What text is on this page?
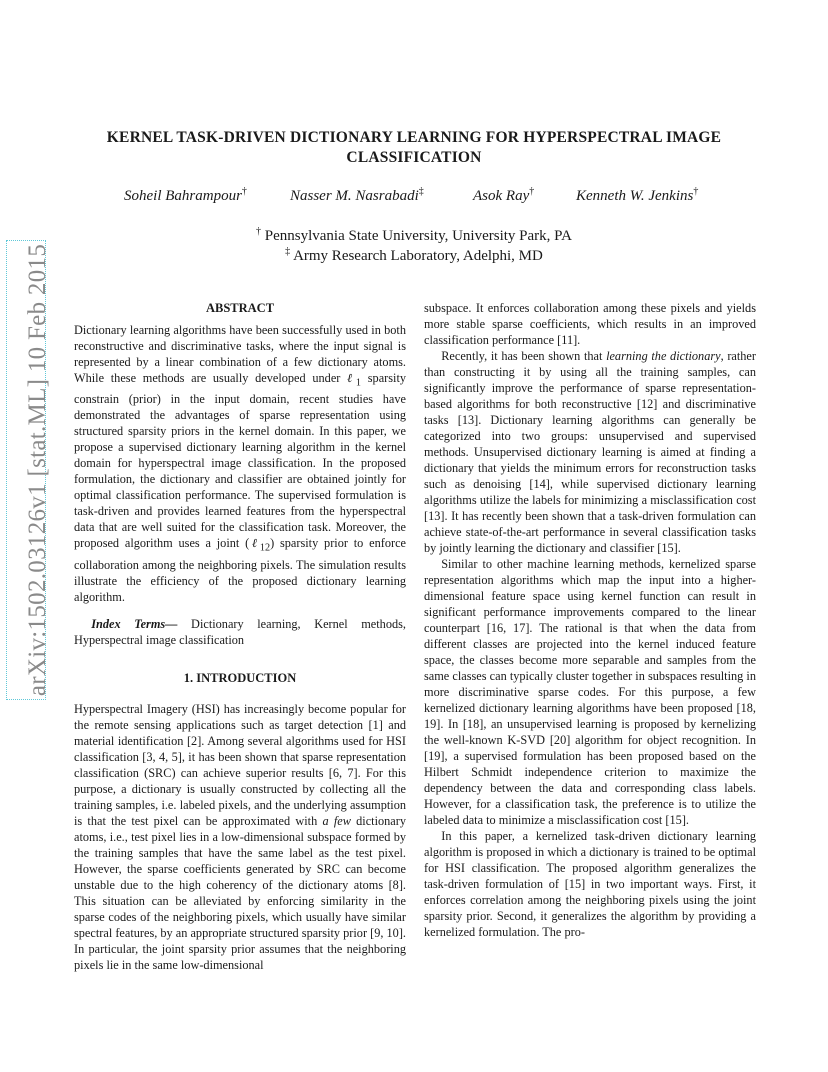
KERNEL TASK-DRIVEN DICTIONARY LEARNING FOR HYPERSPECTRAL IMAGE CLASSIFICATION
Soheil Bahrampour†	Nasser M. Nasrabadi‡	Asok Ray†	Kenneth W. Jenkins†
† Pennsylvania State University, University Park, PA
‡ Army Research Laboratory, Adelphi, MD
arXiv:1502.03126v1 [stat.ML] 10 Feb 2015	ABSTRACT

Dictionary learning algorithms have been successfully used in both reconstructive and discriminative tasks, where the input signal is represented by a linear combination of a few dictionary atoms. While these methods are usually developed under ℓ$_1$ sparsity constrain (prior) in the input domain, recent studies have demonstrated the advantages of sparse representation using structured sparsity priors in the kernel domain. In this paper, we propose a supervised dictionary learning algorithm in the kernel domain for hyperspectral image classification. In the proposed formulation, the dictionary and classifier are obtained jointly for optimal classification performance. The supervised formulation is task-driven and provides learned features from the hyperspectral data that are well suited for the classification task. Moreover, the proposed algorithm uses a joint (ℓ$_{12}$) sparsity prior to enforce collaboration among the neighboring pixels. The simulation results illustrate the efficiency of the proposed dictionary learning algorithm.

Index Terms— Dictionary learning, Kernel methods, Hyperspectral image classification

1. INTRODUCTION

Hyperspectral Imagery (HSI) has increasingly become popular for the remote sensing applications such as target detection [1] and material identification [2]. Among several algorithms used for HSI classification [3, 4, 5], it has been shown that sparse representation classification (SRC) can achieve superior results [6, 7]. For this purpose, a dictionary is usually constructed by collecting all the training samples, i.e. labeled pixels, and the underlying assumption is that the test pixel can be approximated with a few dictionary atoms, i.e., test pixel lies in a low-dimensional subspace formed by the training samples that have the same label as the test pixel. However, the sparse coefficients generated by SRC can become unstable due to the high coherency of the dictionary atoms [8]. This situation can be alleviated by enforcing similarity in the sparse codes of the neighboring pixels, which usually have similar spectral features, by an appropriate structured sparsity prior [9, 10]. In particular, the joint sparsity prior assumes that the neighboring pixels lie in the same low-dimensional

subspace. It enforces collaboration among these pixels and yields more stable sparse coefficients, which results in an improved classification performance [11].

Recently, it has been shown that learning the dictionary, rather than constructing it by using all the training samples, can significantly improve the performance of sparse representation-based algorithms for both reconstructive [12] and discriminative tasks [13]. Dictionary learning algorithms can generally be categorized into two groups: unsupervised and supervised methods. Unsupervised dictionary learning is aimed at finding a dictionary that yields the minimum errors for reconstruction tasks such as denoising [14], while supervised dictionary learning algorithms utilize the labels for minimizing a misclassification cost [13]. It has recently been shown that a task-driven formulation can achieve state-of-the-art performance in several classification tasks by jointly learning the dictionary and classifier [15].

Similar to other machine learning methods, kernelized sparse representation algorithms which map the input into a higher-dimensional feature space using kernel function can result in significant performance improvements compared to the linear counterpart [16, 17]. The rational is that when the data from different classes are projected into the kernel induced feature space, the classes become more separable and samples from the same classes can typically cluster together in subspaces resulting in more discriminative sparse codes. For this purpose, a few kernelized dictionary learning algorithms have been proposed [18, 19]. In [18], an unsupervised learning is proposed by kernelizing the well-known K-SVD [20] algorithm for object recognition. In [19], a supervised formulation has been proposed based on the Hilbert Schmidt independence criterion to maximize the dependency between the data and corresponding class labels. However, for a classification task, the preference is to utilize the labeled data to minimize a misclassification cost [15].

In this paper, a kernelized task-driven dictionary learning algorithm is proposed in which a dictionary is trained to be optimal for HSI classification. The proposed algorithm generalizes the task-driven formulation of [15] in two important ways. First, it enforces correlation among the neighboring pixels using the joint sparsity prior. Second, it generalizes the algorithm by providing a kernelized formulation. The pro-
